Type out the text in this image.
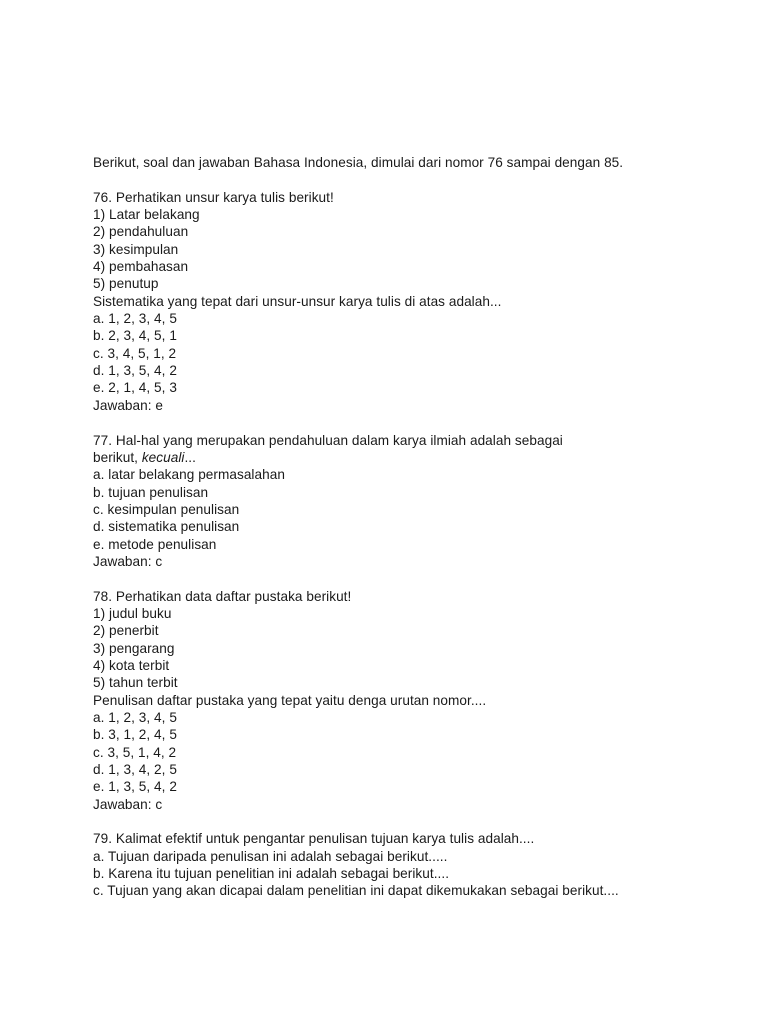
Berikut, soal dan jawaban Bahasa Indonesia, dimulai dari nomor 76 sampai dengan 85.
76. Perhatikan unsur karya tulis berikut!
1) Latar belakang
2) pendahuluan
3) kesimpulan
4) pembahasan
5) penutup
Sistematika yang tepat dari unsur-unsur karya tulis di atas adalah...
a. 1, 2, 3, 4, 5
b. 2, 3, 4, 5, 1
c. 3, 4, 5, 1, 2
d. 1, 3, 5, 4, 2
e. 2, 1, 4, 5, 3
Jawaban: e
77. Hal-hal yang merupakan pendahuluan dalam karya ilmiah adalah sebagai
berikut, kecuali...
a. latar belakang permasalahan
b. tujuan penulisan
c. kesimpulan penulisan
d. sistematika penulisan
e. metode penulisan
Jawaban: c
78. Perhatikan data daftar pustaka berikut!
1) judul buku
2) penerbit
3) pengarang
4) kota terbit
5) tahun terbit
Penulisan daftar pustaka yang tepat yaitu denga urutan nomor....
a. 1, 2, 3, 4, 5
b. 3, 1, 2, 4, 5
c. 3, 5, 1, 4, 2
d. 1, 3, 4, 2, 5
e. 1, 3, 5, 4, 2
Jawaban: c
79. Kalimat efektif untuk pengantar penulisan tujuan karya tulis adalah....
a. Tujuan daripada penulisan ini adalah sebagai berikut.....
b. Karena itu tujuan penelitian ini adalah sebagai berikut....
c. Tujuan yang akan dicapai dalam penelitian ini dapat dikemukakan sebagai berikut....
